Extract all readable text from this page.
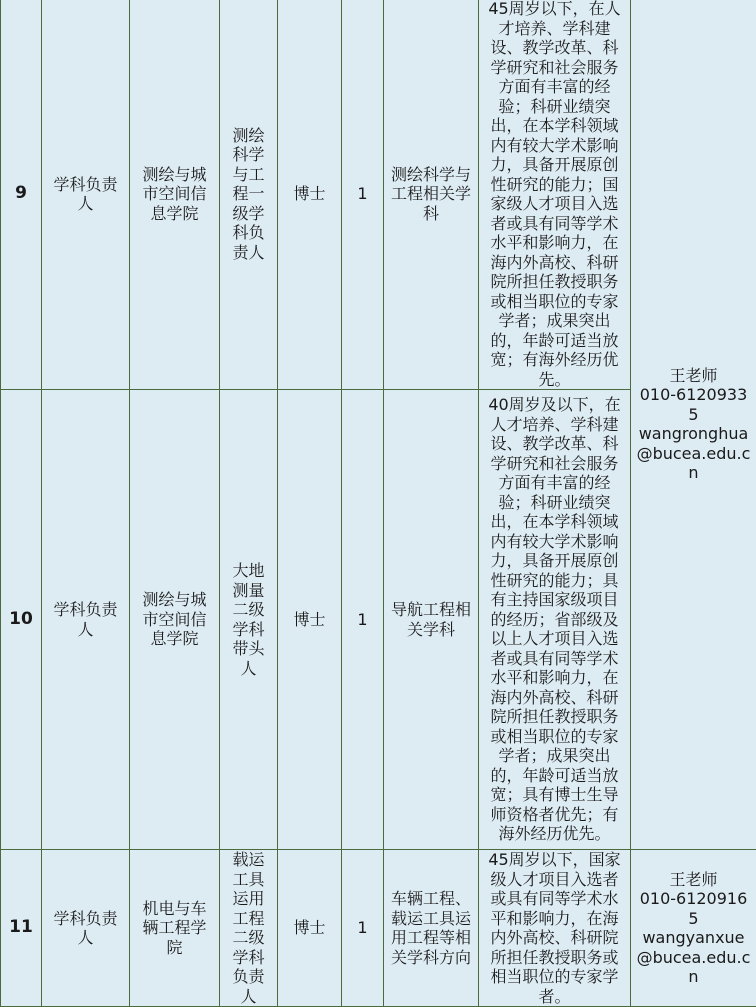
9	学科负责人	测绘与城市空间信息学院	测绘科学与工程一级学科负责人	博士	1	测绘科学与工程相关学科	45周岁以下，在人才培养、学科建设、教学改革、科学研究和社会服务方面有丰富的经验；科研业绩突出，在本学科领域内有较大学术影响力，具备开展原创性研究的能力；国家级人才项目入选者或具有同等学术水平和影响力，在海内外高校、科研院所担任教授职务或相当职位的专家学者；成果突出的，年龄可适当放宽；有海外经历优先。	王老师
010-61209335
wangronghua@bucea.edu.cn

10	学科负责人	测绘与城市空间信息学院	大地测量二级学科带头人	博士	1	导航工程相关学科	40周岁及以下，在人才培养、学科建设、教学改革、科学研究和社会服务方面有丰富的经验；科研业绩突出，在本学科领域内有较大学术影响力，具备开展原创性研究的能力；具有主持国家级项目的经历；省部级及以上人才项目入选者或具有同等学术水平和影响力，在海内外高校、科研院所担任教授职务或相当职位的专家学者；成果突出的，年龄可适当放宽；具有博士生导师资格者优先；有海外经历优先。	
11	学科负责人	机电与车辆工程学院	载运工具运用工程二级学科负责人	博士	1	车辆工程、载运工具运用工程等相关学科方向	45周岁以下，国家级人才项目入选者或具有同等学术水平和影响力，在海内外高校、科研院所担任教授职务或相当职位的专家学者。	王老师
010-61209165
wangyanxue@bucea.edu.cn
